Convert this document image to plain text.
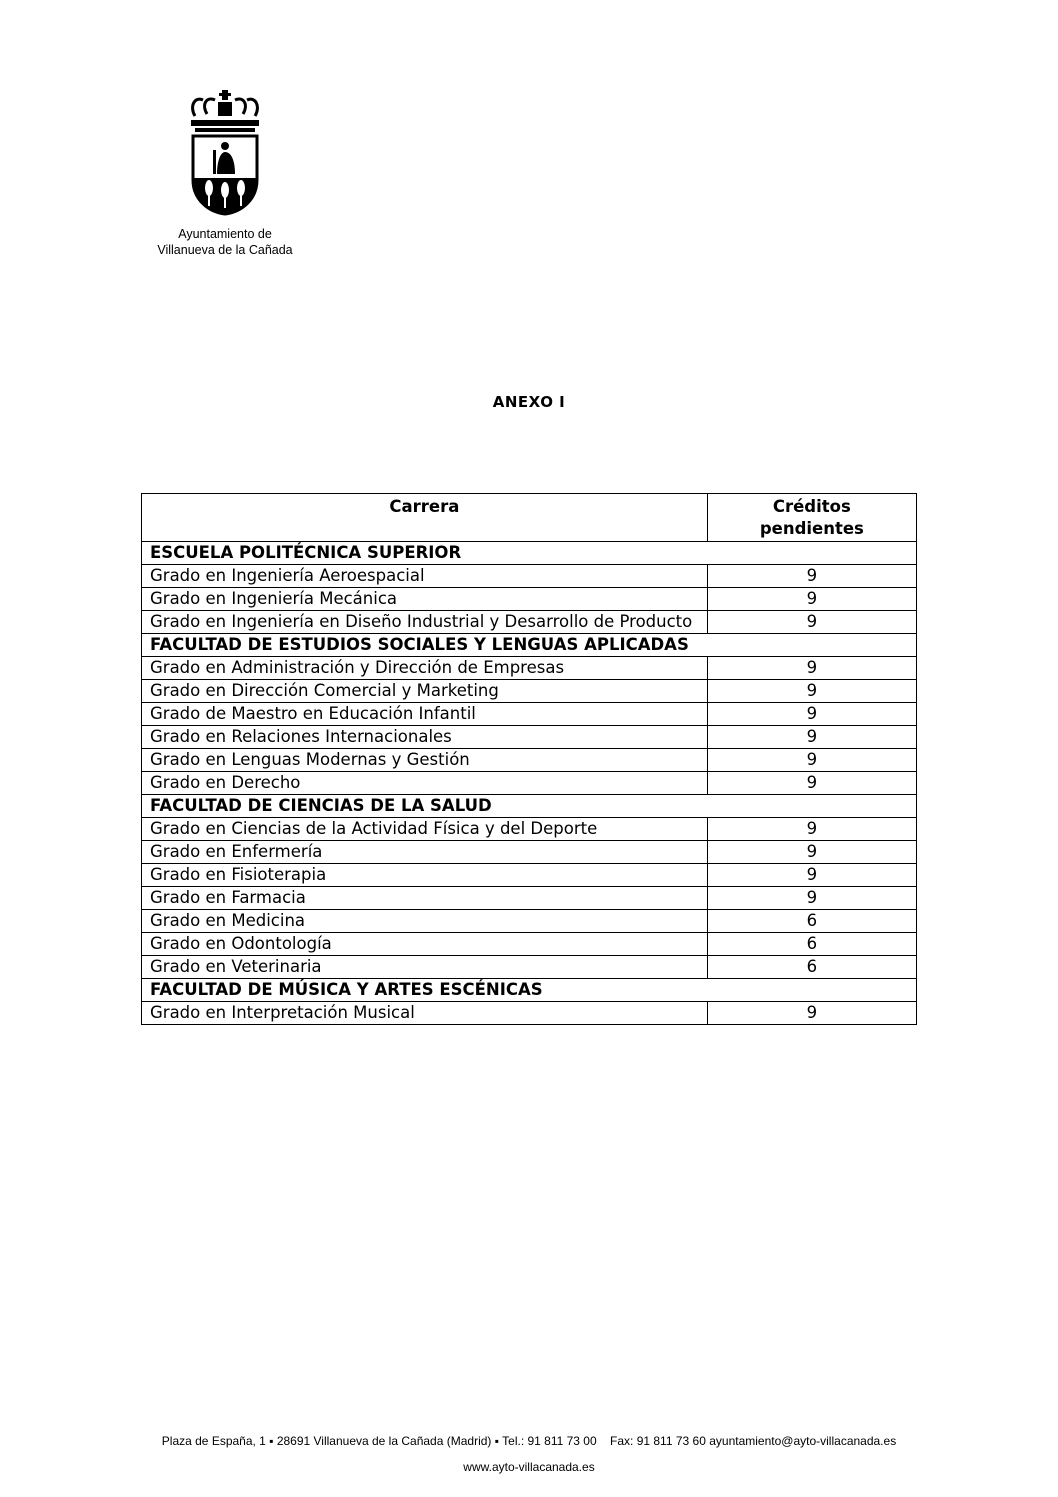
Ayuntamiento de
Villanueva de la Cañada
ANEXO I
Carrera	Créditos
pendientes
ESCUELA POLITÉCNICA SUPERIOR	
Grado en Ingeniería Aeroespacial	9
Grado en Ingeniería Mecánica	9
Grado en Ingeniería en Diseño Industrial y Desarrollo de Producto	9
FACULTAD DE ESTUDIOS SOCIALES Y LENGUAS APLICADAS	
Grado en Administración y Dirección de Empresas	9
Grado en Dirección Comercial y Marketing	9
Grado de Maestro en Educación Infantil	9
Grado en Relaciones Internacionales	9
Grado en Lenguas Modernas y Gestión	9
Grado en Derecho	9
FACULTAD DE CIENCIAS DE LA SALUD	
Grado en Ciencias de la Actividad Física y del Deporte	9
Grado en Enfermería	9
Grado en Fisioterapia	9
Grado en Farmacia	9
Grado en Medicina	6
Grado en Odontología	6
Grado en Veterinaria	6
FACULTAD DE MÚSICA Y ARTES ESCÉNICAS	
Grado en Interpretación Musical	9
Plaza de España, 1 ▪ 28691 Villanueva de la Cañada (Madrid) ▪ Tel.: 91 811 73 00 Fax: 91 811 73 60 ayuntamiento@ayto-villacanada.es
www.ayto-villacanada.es
